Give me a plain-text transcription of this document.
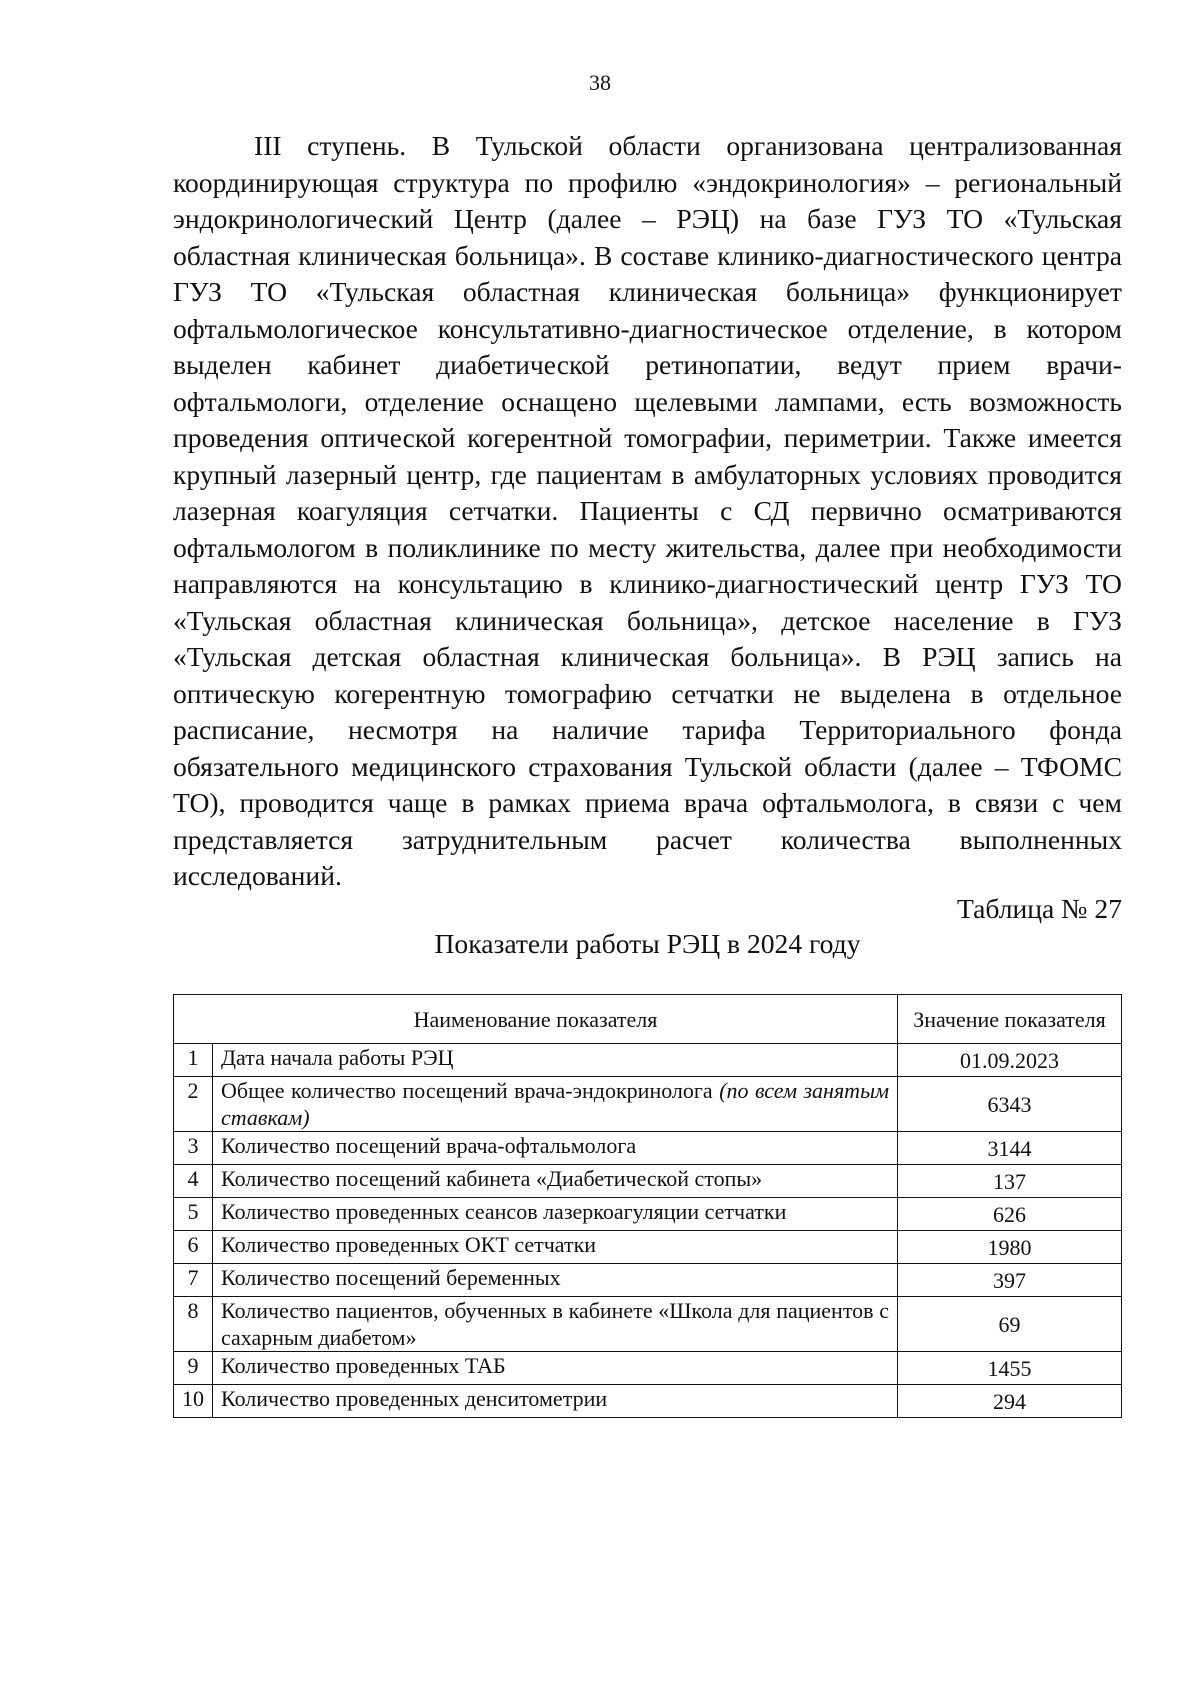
38

III ступень. В Тульской области организована централизованная координирующая структура по профилю «эндокринология» – региональный эндокринологический Центр (далее – РЭЦ) на базе ГУЗ ТО «Тульская областная клиническая больница». В составе клинико-диагностического центра ГУЗ ТО «Тульская областная клиническая больница» функционирует офтальмологическое консультативно-диагностическое отделение, в котором выделен кабинет диабетической ретинопатии, ведут прием врачи-офтальмологи, отделение оснащено щелевыми лампами, есть возможность проведения оптической когерентной томографии, периметрии. Также имеется крупный лазерный центр, где пациентам в амбулаторных условиях проводится лазерная коагуляция сетчатки. Пациенты с СД первично осматриваются офтальмологом в поликлинике по месту жительства, далее при необходимости направляются на консультацию в клинико-диагностический центр ГУЗ ТО «Тульская областная клиническая больница», детское население в ГУЗ «Тульская детская областная клиническая больница». В РЭЦ запись на оптическую когерентную томографию сетчатки не выделена в отдельное расписание, несмотря на наличие тарифа Территориального фонда обязательного медицинского страхования Тульской области (далее – ТФОМС ТО), проводится чаще в рамках приема врача офтальмолога, в связи с чем представляется затруднительным расчет количества выполненных исследований.

Таблица № 27
Показатели работы РЭЦ в 2024 году
Наименование показателя		Значение показателя
1	Дата начала работы РЭЦ	01.09.2023
2	Общее количество посещений врача-эндокринолога (по всем занятым ставкам)	6343
3	Количество посещений врача-офтальмолога	3144
4	Количество посещений кабинета «Диабетической стопы»	137
5	Количество проведенных сеансов лазеркоагуляции сетчатки	626
6	Количество проведенных ОКТ сетчатки	1980
7	Количество посещений беременных	397
8	Количество пациентов, обученных в кабинете «Школа для пациентов с сахарным диабетом»	69
9	Количество проведенных ТАБ	1455
10	Количество проведенных денситометрии	294
